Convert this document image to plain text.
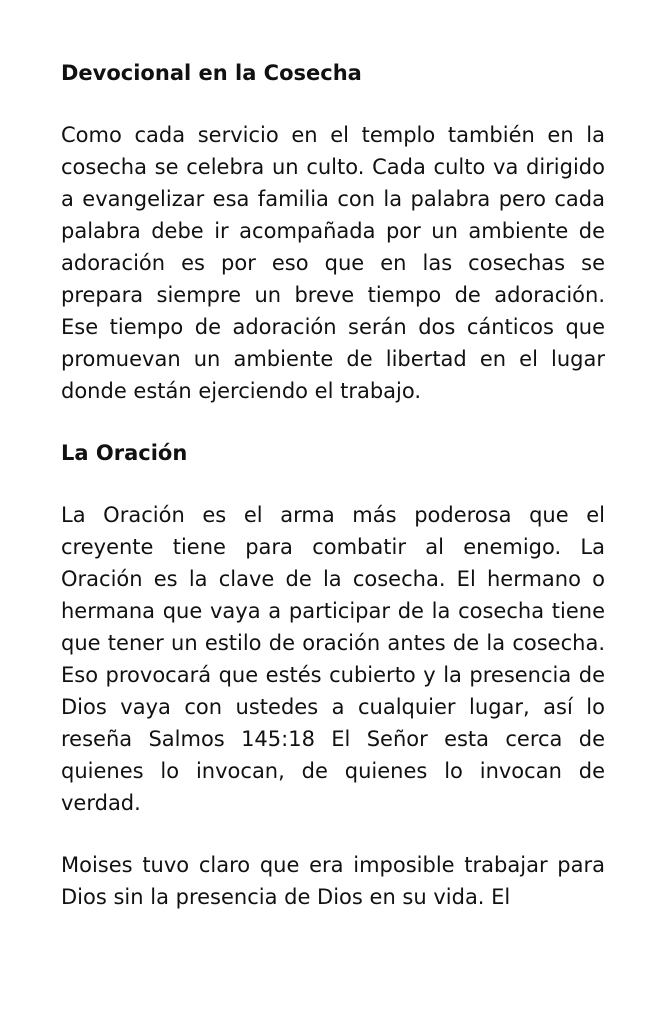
Devocional en la Cosecha

Como cada servicio en el templo también en la cosecha se celebra un culto. Cada culto va dirigido a evangelizar esa familia con la palabra pero cada palabra debe ir acompañada por un ambiente de adoración es por eso que en las cosechas se prepara siempre un breve tiempo de adoración. Ese tiempo de adoración serán dos cánticos que promuevan un ambiente de libertad en el lugar donde están ejerciendo el trabajo.

La Oración

La Oración es el arma más poderosa que el creyente tiene para combatir al enemigo. La Oración es la clave de la cosecha. El hermano o hermana que vaya a participar de la cosecha tiene que tener un estilo de oración antes de la cosecha. Eso provocará que estés cubierto y la presencia de Dios vaya con ustedes a cualquier lugar, así lo reseña Salmos 145:18 El Señor esta cerca de quienes lo invocan, de quienes lo invocan de verdad.

Moises tuvo claro que era imposible trabajar para Dios sin la presencia de Dios en su vida. El
